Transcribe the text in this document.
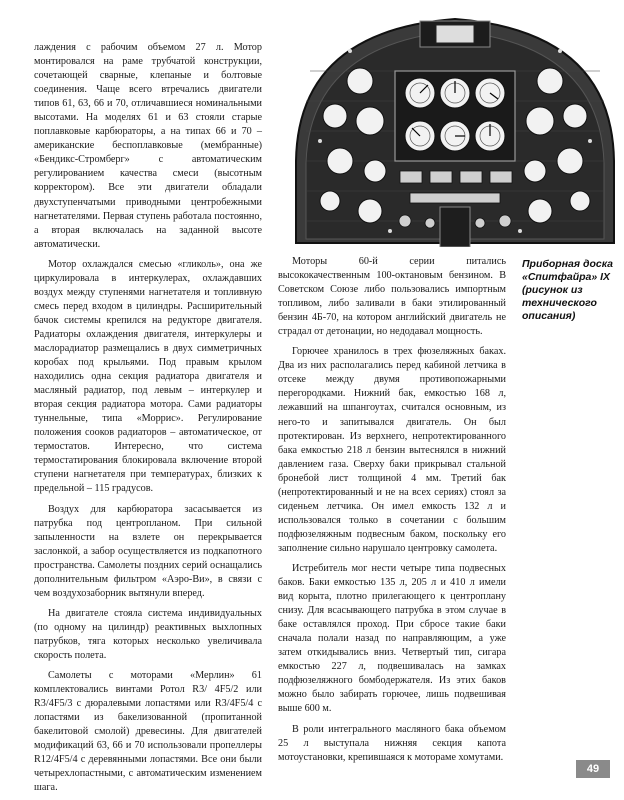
лаждения с рабочим объемом 27 л. Мотор монтировался на раме трубчатой конструкции, сочетающей сварные, клепаные и болтовые соединения. Чаще всего втречались двигатели типов 61, 63, 66 и 70, отличавшиеся номинальными высотами. На моделях 61 и 63 стояли старые поплавковые карбюраторы, а на типах 66 и 70 – американские беспоплавковые (мембранные) «Бендикс-Стромберг» с автоматическим регулированием качества смеси (высотным корректором). Все эти двигатели обладали двухступенчатыми приводными центробежными нагнетателями. Первая ступень работала постоянно, а вторая включалась на заданной высоте автоматически.

Мотор охлаждался смесью «гликоль», она же циркулировала в интеркулерах, охлаждавших воздух между ступенями нагнетателя и топливную смесь перед входом в цилиндры. Расширительный бачок системы крепился на редукторе двигателя. Радиаторы охлаждения двигателя, интеркулеры и маслорадиатор размещались в двух симметричных коробах под крыльями. Под правым крылом находились одна секция радиатора двигателя и масляный радиатор, под левым – интеркулер и вторая секция радиатора мотора. Сами радиаторы туннельные, типа «Моррис». Регулирование положения сооков радиаторов – автоматическое, от термостатов. Интересно, что система термостатирования блокировала включение второй ступени нагнетателя при температурах, близких к предельной – 115 градусов.

Воздух для карбюратора засасывается из патрубка под центропланом. При сильной запыленности на взлете он перекрывается заслонкой, а забор осуществляется из подкапотного пространства. Самолеты поздних серий оснащались дополнительным фильтром «Аэро-Ви», в связи с чем воздухозаборник вытянули вперед.

На двигателе стояла система индивидуальных (по одному на цилиндр) реактивных выхлопных патрубков, тяга которых несколько увеличивала скорость полета.

Самолеты с моторами «Мерлин» 61 комплектовались винтами Ротол R3/ 4F5/2 или R3/4F5/3 с дюралевыми лопастями или R3/4F5/4 с лопастями из бакелизованной (пропитанной бакелитовой смолой) древесины. Для двигателей модификаций 63, 66 и 70 использовали пропеллеры R12/4F5/4 с деревянными лопастями. Все они были четырехлопастными, с автоматическим изменением шага.

Моторы 60-й серии питались высококачественным 100-октановым бензином. В Советском Союзе либо пользовались импортным топливом, либо заливали в баки этилированный бензин 4Б-70, на котором английский двигатель не страдал от детонации, но недодавал мощность.

Горючее хранилось в трех фюзеляжных баках. Два из них располагались перед кабиной летчика в отсеке между двумя противопожарными перегородками. Нижний бак, емкостью 168 л, лежавший на шпангоутах, считался основным, из него-то и запитывался двигатель. Он был протектирован. Из верхнего, непротектированного бака емкостью 218 л бензин вытеснялся в нижний давлением газа. Сверху баки прикрывал стальной бронебой лист толщиной 4 мм. Третий бак (непротектированный и не на всех сериях) стоял за сиденьем летчика. Он имел емкость 132 л и использовался только в сочетании с большим подфюзеляжным подвесным баком, поскольку его заполнение сильно нарушало центровку самолета.

Истребитель мог нести четыре типа подвесных баков. Баки емкостью 135 л, 205 л и 410 л имели вид корыта, плотно прилегающего к центроплану снизу. Для всасывающего патрубка в этом случае в баке оставлялся проход. При сбросе такие баки сначала полали назад по направляющим, а уже затем откидывались вниз. Четвертый тип, сигара емкостью 227 л, подвешивалась на замках подфюзеляжного бомбодержателя. Из этих баков можно было забирать горючее, лишь подвешивая выше 600 м.

В роли интегрального масляного бака объемом 25 л выступала нижняя секция капота мотоустановки, крепившаяся к моторамe хомутами.

Приборная доска «Спитфайра» IX (рисунок из технического описания)
49
